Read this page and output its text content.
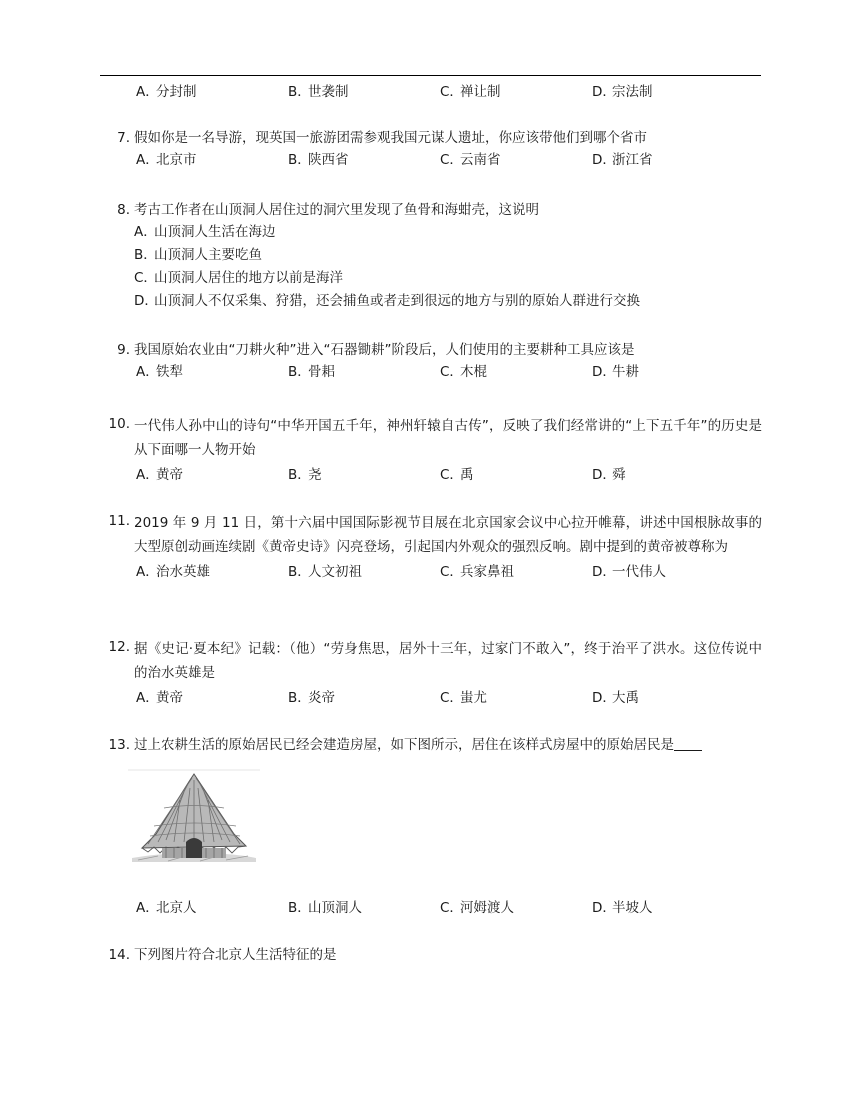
A．分封制	B．世袭制	C．禅让制	D．宗法制
7. 假如你是一名导游，现英国一旅游团需参观我国元谋人遗址，你应该带他们到哪个省市
A．北京市	B．陕西省	C．云南省	D．浙江省
8. 考古工作者在山顶洞人居住过的洞穴里发现了鱼骨和海蚶壳，这说明
A．山顶洞人生活在海边
B．山顶洞人主要吃鱼
C．山顶洞人居住的地方以前是海洋
D．山顶洞人不仅采集、狩猎，还会捕鱼或者走到很远的地方与别的原始人群进行交换
9. 我国原始农业由“刀耕火种”进入“石器锄耕”阶段后，人们使用的主要耕种工具应该是
A．铁犁	B．骨耜	C．木棍	D．牛耕
10. 一代伟人孙中山的诗句“中华开国五千年，神州轩辕自古传”，反映了我们经常讲的“上下五千年”的历史是从下面哪一人物开始
A．黄帝	B．尧	C．禹	D．舜
11. 2019 年 9 月 11 日，第十六届中国国际影视节目展在北京国家会议中心拉开帷幕，讲述中国根脉故事的大型原创动画连续剧《黄帝史诗》闪亮登场，引起国内外观众的强烈反响。剧中提到的黄帝被尊称为
A．治水英雄	B．人文初祖	C．兵家鼻祖	D．一代伟人
12. 据《史记·夏本纪》记载：（他）“劳身焦思，居外十三年，过家门不敢入”，终于治平了洪水。这位传说中的治水英雄是
A．黄帝	B．炎帝	C．蚩尤	D．大禹
13. 过上农耕生活的原始居民已经会建造房屋，如下图所示，居住在该样式房屋中的原始居民是
A．北京人	B．山顶洞人	C．河姆渡人	D．半坡人
14. 下列图片符合北京人生活特征的是
